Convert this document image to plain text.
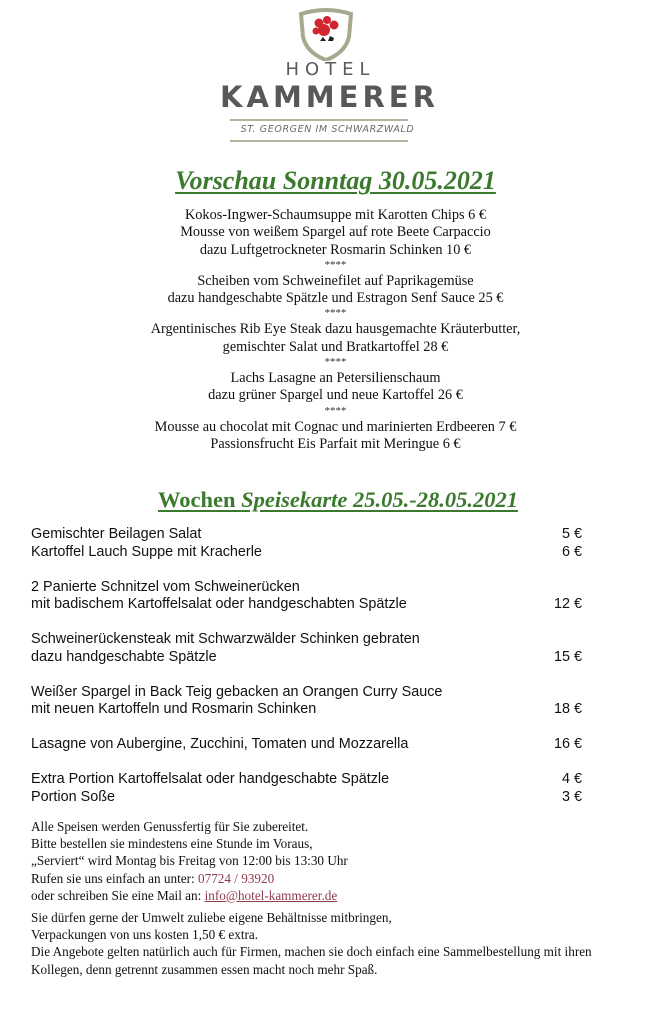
HOTEL
KAMMERER
ST. GEORGEN IM SCHWARZWALD
Vorschau Sonntag 30.05.2021
Kokos-Ingwer-Schaumsuppe mit Karotten Chips 6 €
Mousse von weißem Spargel auf rote Beete Carpaccio
dazu Luftgetrockneter Rosmarin Schinken 10 €
****
Scheiben vom Schweinefilet auf Paprikagemüse
dazu handgeschabte Spätzle und Estragon Senf Sauce 25 €
****
Argentinisches Rib Eye Steak dazu hausgemachte Kräuterbutter,
gemischter Salat und Bratkartoffel 28 €
****
Lachs Lasagne an Petersilienschaum
dazu grüner Spargel und neue Kartoffel 26 €
****
Mousse au chocolat mit Cognac und marinierten Erdbeeren 7 €
Passionsfrucht Eis Parfait mit Meringue 6 €
Wochen Speisekarte 25.05.-28.05.2021
Gemischter Beilagen Salat	5 €
Kartoffel Lauch Suppe mit Kracherle	6 €
2 Panierte Schnitzel vom Schweinerücken
mit badischem Kartoffelsalat oder handgeschabten Spätzle	12 €
Schweinerückensteak mit Schwarzwälder Schinken gebraten
dazu handgeschabte Spätzle	15 €
Weißer Spargel in Back Teig gebacken an Orangen Curry Sauce
mit neuen Kartoffeln und Rosmarin Schinken	18 €
Lasagne von Aubergine, Zucchini, Tomaten und Mozzarella	16 €
Extra Portion Kartoffelsalat oder handgeschabte Spätzle	4 €
Portion Soße	3 €
Alle Speisen werden Genussfertig für Sie zubereitet.
Bitte bestellen sie mindestens eine Stunde im Voraus,
„Serviert“ wird Montag bis Freitag von 12:00 bis 13:30 Uhr
Rufen sie uns einfach an unter: 07724 / 93920
oder schreiben Sie eine Mail an: info@hotel-kammerer.de
Sie dürfen gerne der Umwelt zuliebe eigene Behältnisse mitbringen,
Verpackungen von uns kosten 1,50 € extra.
Die Angebote gelten natürlich auch für Firmen, machen sie doch einfach eine Sammelbestellung mit ihren
Kollegen, denn getrennt zusammen essen macht noch mehr Spaß.
